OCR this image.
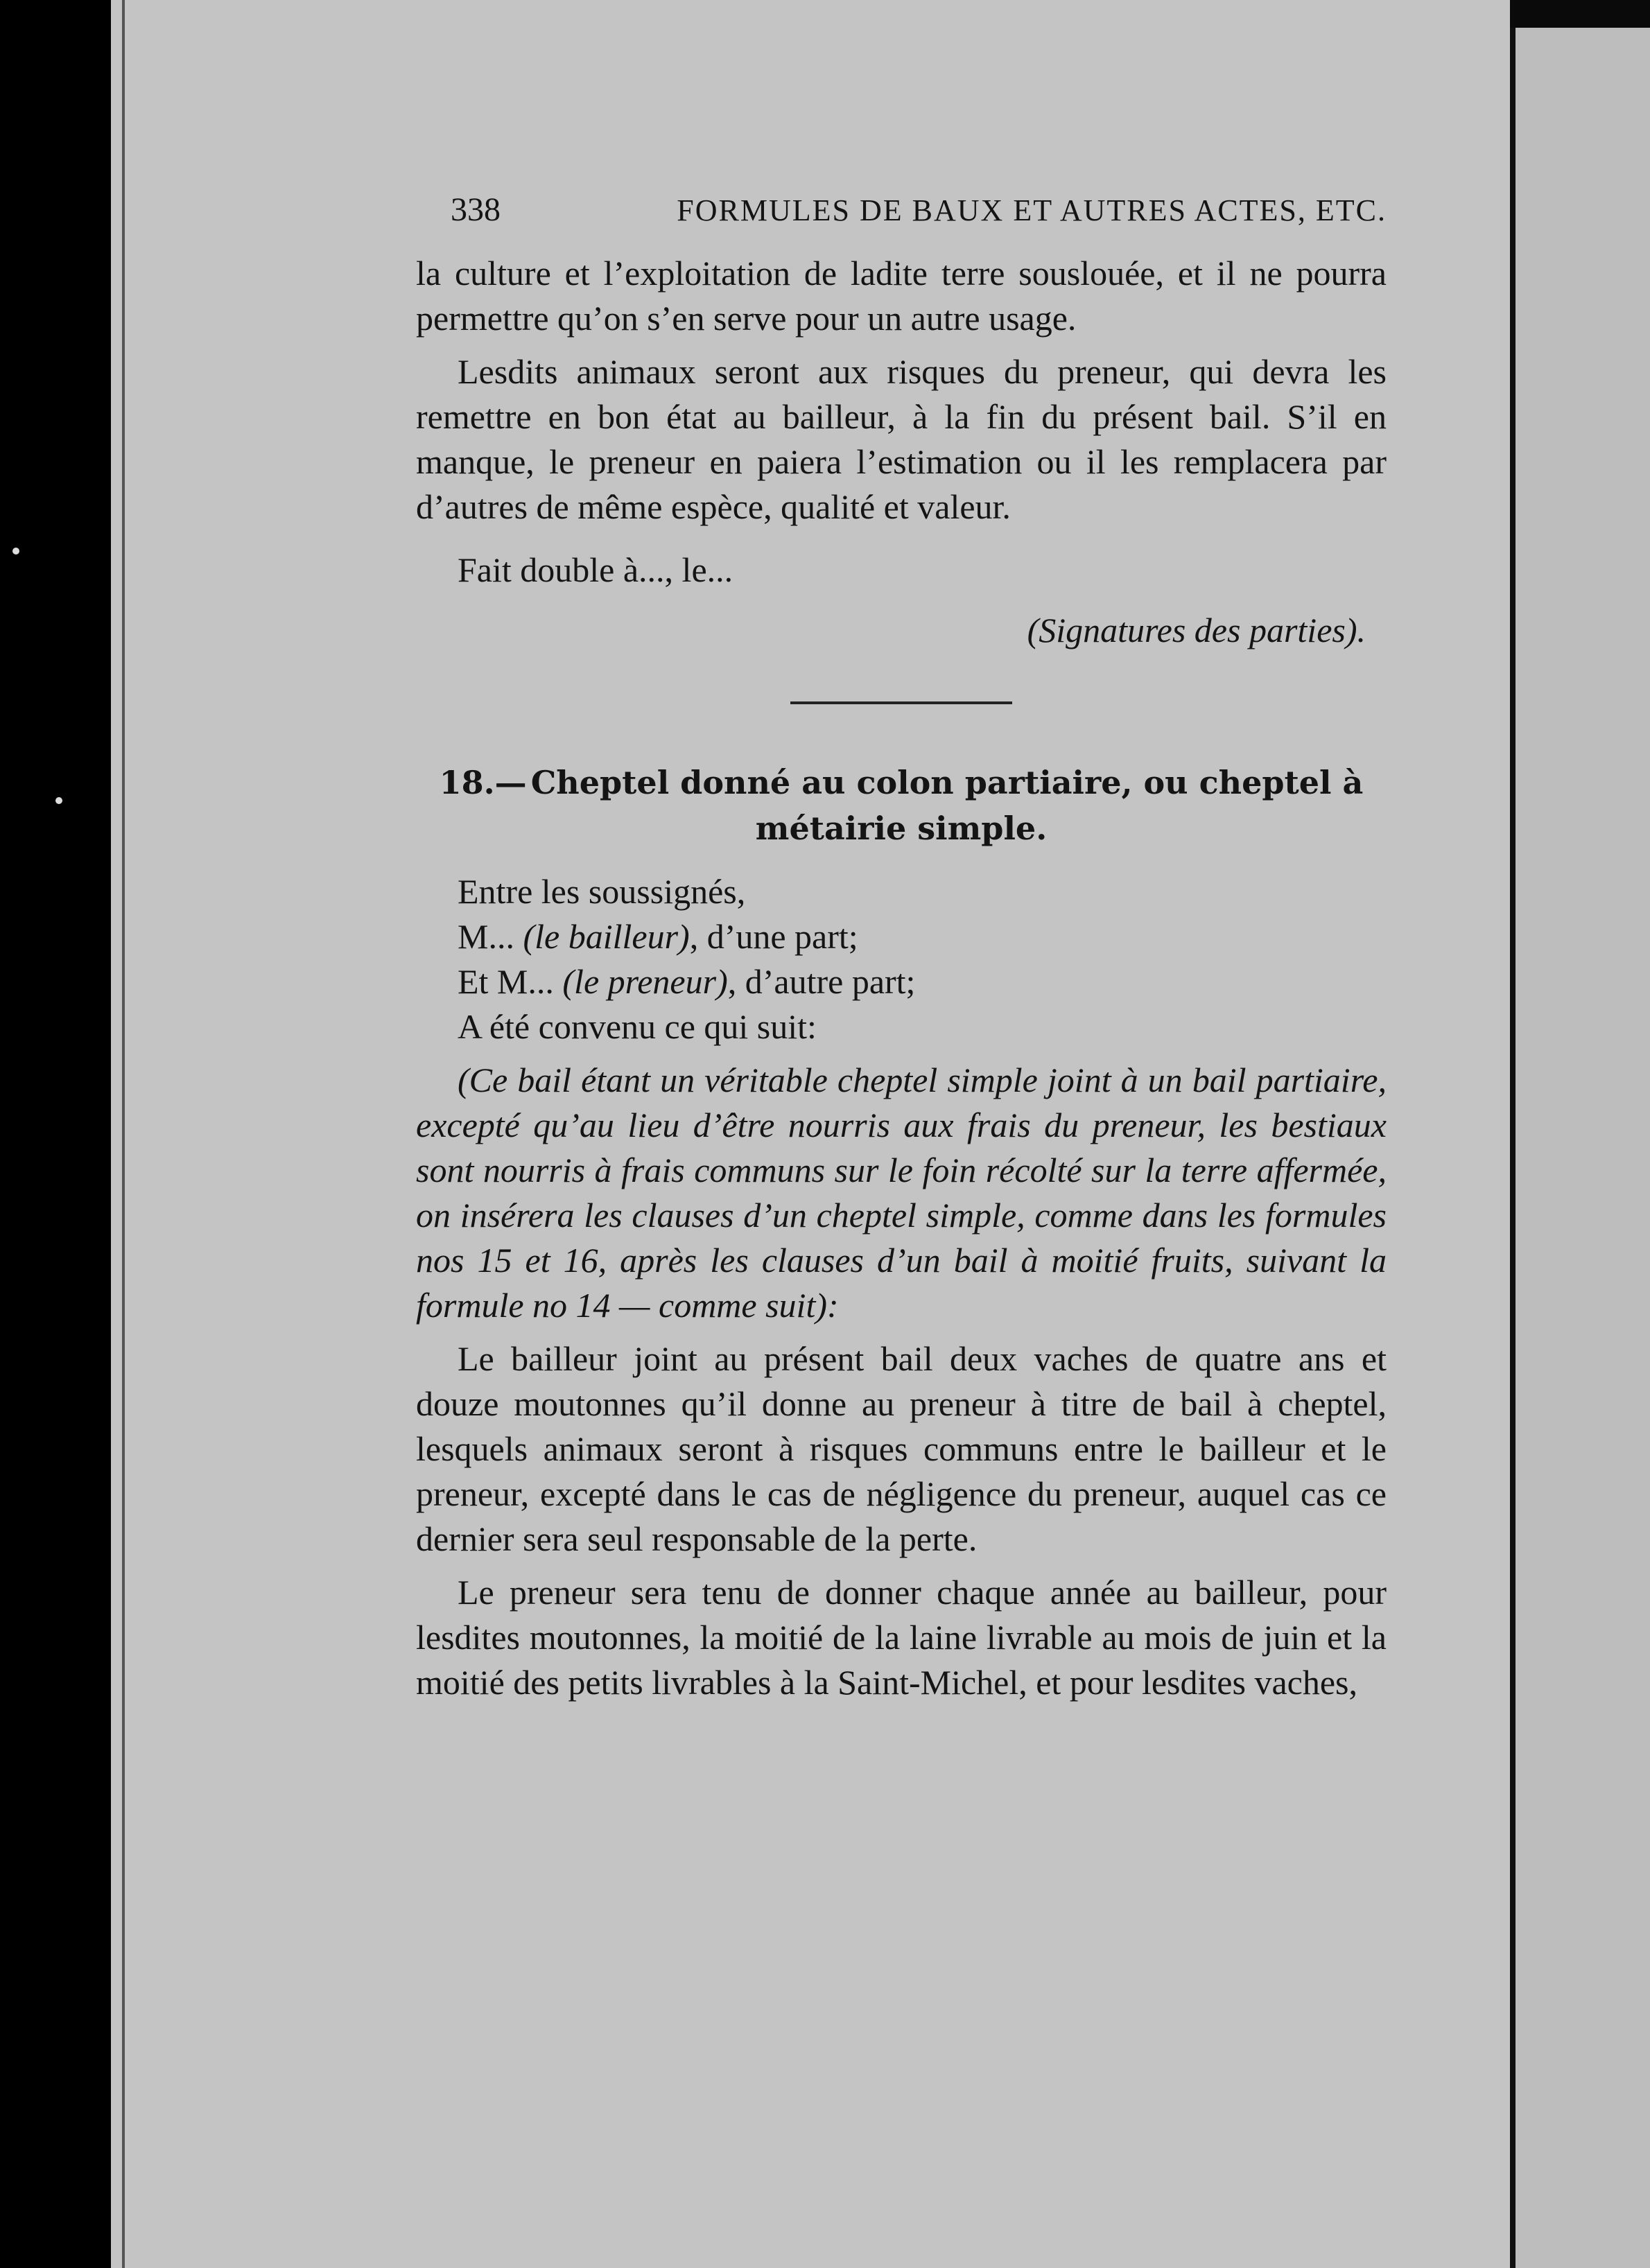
338	FORMULES DE BAUX ET AUTRES ACTES, ETC.

la culture et l’exploitation de ladite terre souslouée, et il ne pourra permettre qu’on s’en serve pour un autre usage.

Lesdits animaux seront aux risques du preneur, qui devra les remettre en bon état au bailleur, à la fin du présent bail. S’il en manque, le preneur en paiera l’estimation ou il les remplacera par d’autres de même espèce, qualité et valeur.

Fait double à..., le...

(Signatures des parties).

18.— Cheptel donné au colon partiaire, ou cheptel à métairie simple.

Entre les soussignés,

M... (le bailleur), d’une part;

Et M... (le preneur), d’autre part;

A été convenu ce qui suit:

(Ce bail étant un véritable cheptel simple joint à un bail partiaire, excepté qu’au lieu d’être nourris aux frais du preneur, les bestiaux sont nourris à frais communs sur le foin récolté sur la terre affermée, on insérera les clauses d’un cheptel simple, comme dans les formules nos 15 et 16, après les clauses d’un bail à moitié fruits, suivant la formule no 14 — comme suit):

Le bailleur joint au présent bail deux vaches de quatre ans et douze moutonnes qu’il donne au preneur à titre de bail à cheptel, lesquels animaux seront à risques communs entre le bailleur et le preneur, excepté dans le cas de négligence du preneur, auquel cas ce dernier sera seul responsable de la perte.

Le preneur sera tenu de donner chaque année au bailleur, pour lesdites moutonnes, la moitié de la laine livrable au mois de juin et la moitié des petits livrables à la Saint-Michel, et pour lesdites vaches,
